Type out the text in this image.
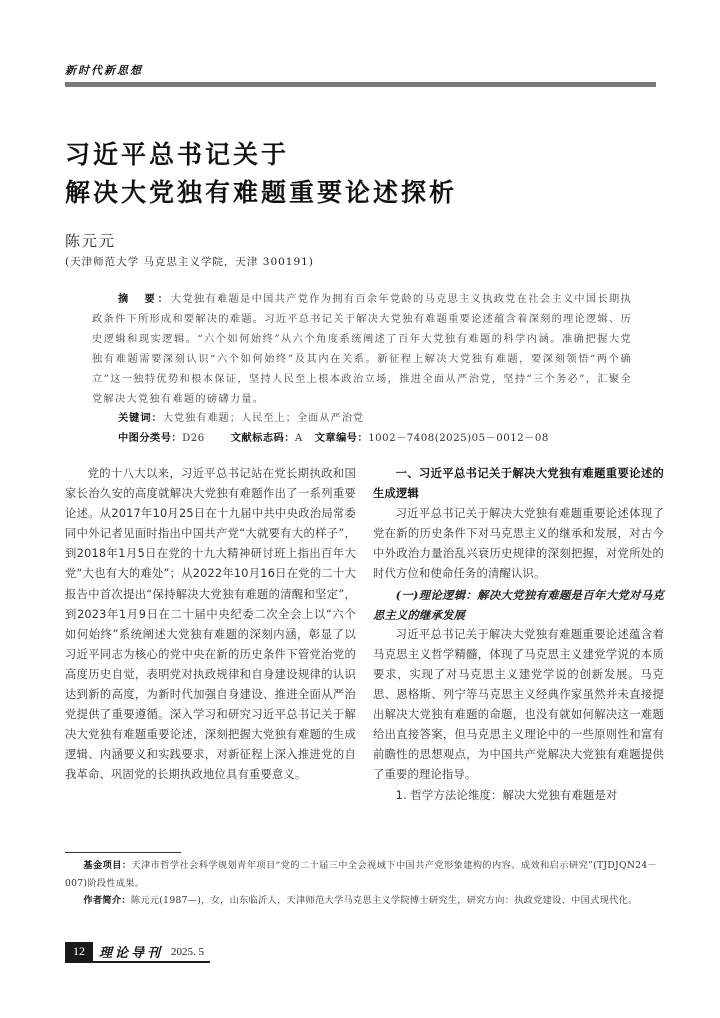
新时代新思想
习近平总书记关于
解决大党独有难题重要论述探析
陈元元
(天津师范大学 马克思主义学院，天津 300191)
摘　要：大党独有难题是中国共产党作为拥有百余年党龄的马克思主义执政党在社会主义中国长期执政条件下所形成和要解决的难题。习近平总书记关于解决大党独有难题重要论述蕴含着深刻的理论逻辑、历史逻辑和现实逻辑。“六个如何始终”从六个角度系统阐述了百年大党独有难题的科学内涵。准确把握大党独有难题需要深刻认识“六个如何始终”及其内在关系。新征程上解决大党独有难题，要深刻领悟“两个确立”这一独特优势和根本保证，坚持人民至上根本政治立场，推进全面从严治党，坚持“三个务必”，汇聚全党解决大党独有难题的磅礴力量。
关键词：大党独有难题；人民至上；全面从严治党
中图分类号：D26	文献标志码：A 文章编号：1002－7408(2025)05－0012－08

党的十八大以来，习近平总书记站在党长期执政和国家长治久安的高度就解决大党独有难题作出了一系列重要论述。从2017年10月25日在十九届中共中央政治局常委同中外记者见面时指出中国共产党“大就要有大的样子”，到2018年1月5日在党的十九大精神研讨班上指出百年大党“大也有大的难处”；从2022年10月16日在党的二十大报告中首次提出“保持解决大党独有难题的清醒和坚定”，到2023年1月9日在二十届中央纪委二次全会上以“六个如何始终”系统阐述大党独有难题的深刻内涵，彰显了以习近平同志为核心的党中央在新的历史条件下管党治党的高度历史自觉，表明党对执政规律和自身建设规律的认识达到新的高度，为新时代加强自身建设、推进全面从严治党提供了重要遵循。深入学习和研究习近平总书记关于解决大党独有难题重要论述，深刻把握大党独有难题的生成逻辑、内涵要义和实践要求，对新征程上深入推进党的自我革命、巩固党的长期执政地位具有重要意义。

一、习近平总书记关于解决大党独有难题重要论述的生成逻辑

习近平总书记关于解决大党独有难题重要论述体现了党在新的历史条件下对马克思主义的继承和发展，对古今中外政治力量治乱兴衰历史规律的深刻把握，对党所处的时代方位和使命任务的清醒认识。

(一)理论逻辑：解决大党独有难题是百年大党对马克思主义的继承发展

习近平总书记关于解决大党独有难题重要论述蕴含着马克思主义哲学精髓，体现了马克思主义建党学说的本质要求，实现了对马克思主义建党学说的创新发展。马克思、恩格斯、列宁等马克思主义经典作家虽然并未直接提出解决大党独有难题的命题，也没有就如何解决这一难题给出直接答案，但马克思主义理论中的一些原则性和富有前瞻性的思想观点，为中国共产党解决大党独有难题提供了重要的理论指导。

1. 哲学方法论维度：解决大党独有难题是对

基金项目：天津市哲学社会科学规划青年项目“党的二十届三中全会视域下中国共产党形象建构的内容、成效和启示研究”(TJDJQN24－007)阶段性成果。

作者简介：陈元元(1987—)，女，山东临沂人，天津师范大学马克思主义学院博士研究生，研究方向：执政党建设、中国式现代化。

12	理论导刊 2025. 5
